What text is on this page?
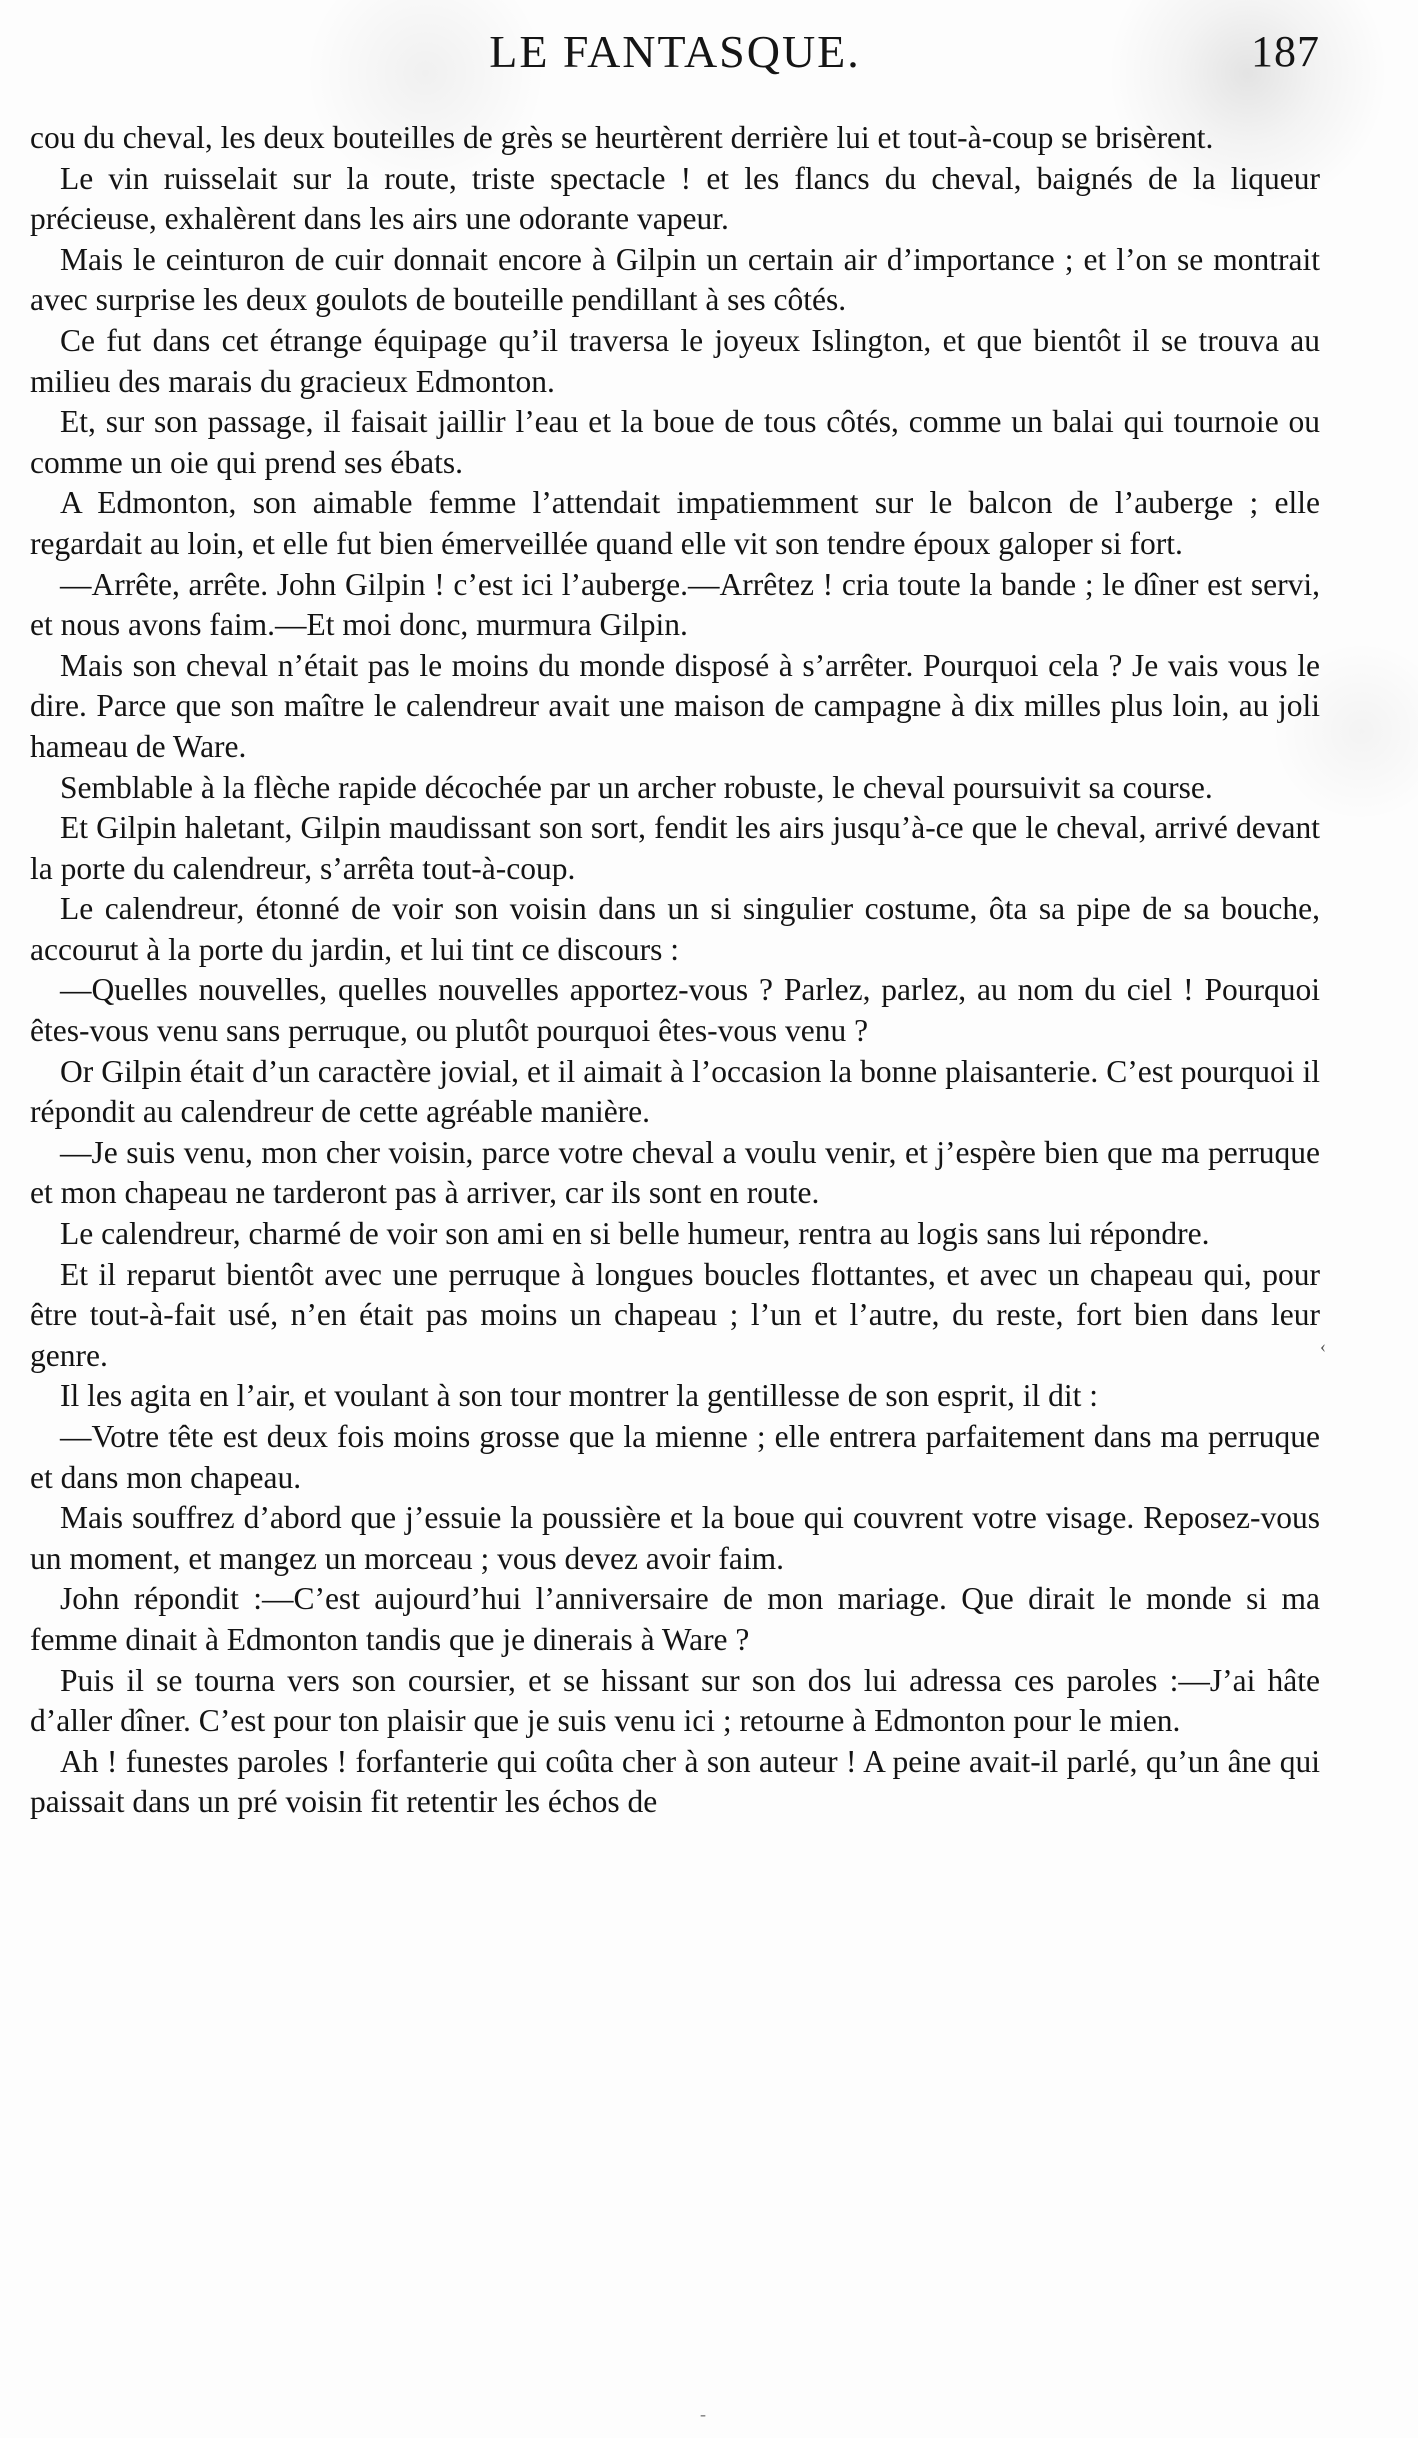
LE FANTASQUE.	187

cou du cheval, les deux bouteilles de grès se heurtèrent derrière lui et tout-à-coup se brisèrent.

Le vin ruisselait sur la route, triste spectacle ! et les flancs du cheval, baignés de la liqueur précieuse, exhalèrent dans les airs une odorante vapeur.

Mais le ceinturon de cuir donnait encore à Gilpin un certain air d’importance ; et l’on se montrait avec surprise les deux goulots de bouteille pendillant à ses côtés.

Ce fut dans cet étrange équipage qu’il traversa le joyeux Islington, et que bientôt il se trouva au milieu des marais du gracieux Edmonton.

Et, sur son passage, il faisait jaillir l’eau et la boue de tous côtés, comme un balai qui tournoie ou comme un oie qui prend ses ébats.

A Edmonton, son aimable femme l’attendait impatiemment sur le balcon de l’auberge ; elle regardait au loin, et elle fut bien émerveillée quand elle vit son tendre époux galoper si fort.

—Arrête, arrête. John Gilpin ! c’est ici l’auberge.—Arrêtez ! cria toute la bande ; le dîner est servi, et nous avons faim.—Et moi donc, murmura Gilpin.

Mais son cheval n’était pas le moins du monde disposé à s’arrêter. Pourquoi cela ? Je vais vous le dire. Parce que son maître le calendreur avait une maison de campagne à dix milles plus loin, au joli hameau de Ware.

Semblable à la flèche rapide décochée par un archer robuste, le cheval poursuivit sa course.

Et Gilpin haletant, Gilpin maudissant son sort, fendit les airs jusqu’à-ce que le cheval, arrivé devant la porte du calendreur, s’arrêta tout-à-coup.

Le calendreur, étonné de voir son voisin dans un si singulier costume, ôta sa pipe de sa bouche, accourut à la porte du jardin, et lui tint ce discours :

—Quelles nouvelles, quelles nouvelles apportez-vous ? Parlez, parlez, au nom du ciel ! Pourquoi êtes-vous venu sans perruque, ou plutôt pourquoi êtes-vous venu ?

Or Gilpin était d’un caractère jovial, et il aimait à l’occasion la bonne plaisanterie. C’est pourquoi il répondit au calendreur de cette agréable manière.

—Je suis venu, mon cher voisin, parce votre cheval a voulu venir, et j’espère bien que ma perruque et mon chapeau ne tarderont pas à arriver, car ils sont en route.

Le calendreur, charmé de voir son ami en si belle humeur, rentra au logis sans lui répondre.

Et il reparut bientôt avec une perruque à longues boucles flottantes, et avec un chapeau qui, pour être tout-à-fait usé, n’en était pas moins un chapeau ; l’un et l’autre, du reste, fort bien dans leur genre.

Il les agita en l’air, et voulant à son tour montrer la gentillesse de son esprit, il dit :

—Votre tête est deux fois moins grosse que la mienne ; elle entrera parfaitement dans ma perruque et dans mon chapeau.

Mais souffrez d’abord que j’essuie la poussière et la boue qui couvrent votre visage. Reposez-vous un moment, et mangez un morceau ; vous devez avoir faim.

John répondit :—C’est aujourd’hui l’anniversaire de mon mariage. Que dirait le monde si ma femme dinait à Edmonton tandis que je dinerais à Ware ?

Puis il se tourna vers son coursier, et se hissant sur son dos lui adressa ces paroles :—J’ai hâte d’aller dîner. C’est pour ton plaisir que je suis venu ici ; retourne à Edmonton pour le mien.

Ah ! funestes paroles ! forfanterie qui coûta cher à son auteur ! A peine avait-il parlé, qu’un âne qui paissait dans un pré voisin fit retentir les échos de

‹
-
